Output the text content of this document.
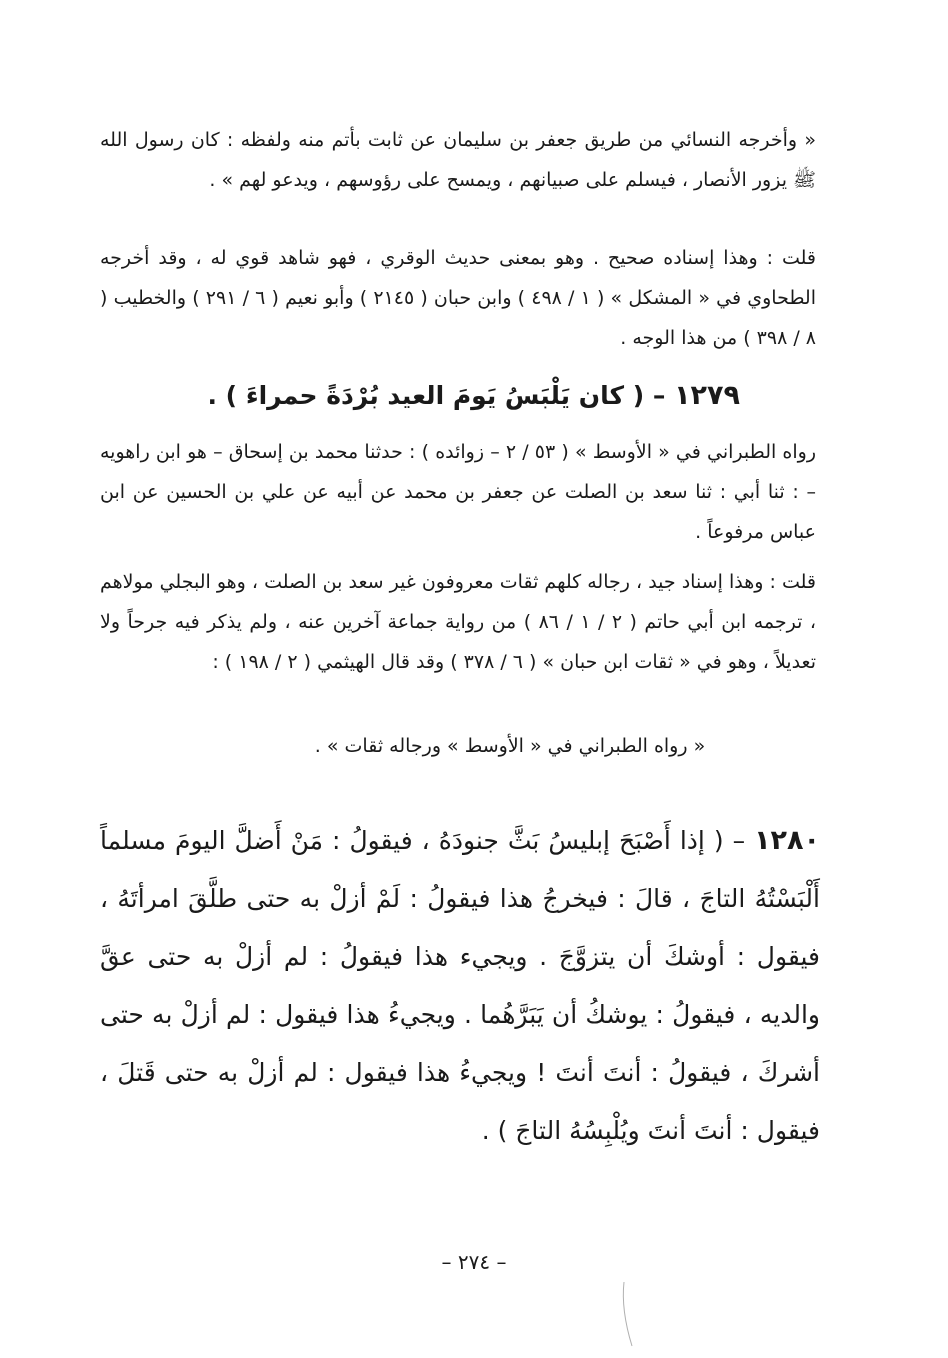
« وأخرجه النسائي من طريق جعفر بن سليمان عن ثابت بأتم منه ولفظه : كان رسول الله ﷺ يزور الأنصار ، فيسلم على صبيانهم ، ويمسح على رؤوسهم ، ويدعو لهم » .

قلت : وهذا إسناده صحيح . وهو بمعنى حديث الوقري ، فهو شاهد قوي له ، وقد أخرجه الطحاوي في « المشكل » ( ١ / ٤٩٨ ) وابن حبان ( ٢١٤٥ ) وأبو نعيم ( ٦ / ٢٩١ ) والخطيب ( ٨ / ٣٩٨ ) من هذا الوجه .

١٢٧٩ – ( كان يَلْبَسُ يَومَ العيد بُرْدَةً حمراءَ ) .

رواه الطبراني في « الأوسط » ( ٥٣ / ٢ – زوائده ) : حدثنا محمد بن إسحاق – هو ابن راهويه – : ثنا أبي : ثنا سعد بن الصلت عن جعفر بن محمد عن أبيه عن علي بن الحسين عن ابن عباس مرفوعاً .

قلت : وهذا إسناد جيد ، رجاله كلهم ثقات معروفون غير سعد بن الصلت ، وهو البجلي مولاهم ، ترجمه ابن أبي حاتم ( ٢ / ١ / ٨٦ ) من رواية جماعة آخرين عنه ، ولم يذكر فيه جرحاً ولا تعديلاً ، وهو في « ثقات ابن حبان » ( ٦ / ٣٧٨ ) وقد قال الهيثمي ( ٢ / ١٩٨ ) :

« رواه الطبراني في « الأوسط » ورجاله ثقات » .

١٢٨٠ – ( إذا أَصْبَحَ إبليسُ بَثَّ جنودَهُ ، فيقولُ : مَنْ أَضلَّ اليومَ مسلماً أَلْبَسْتُهُ التاجَ ، قالَ : فيخرجُ هذا فيقولُ : لَمْ أزلْ به حتى طلَّقَ امرأتَهُ ، فيقول : أوشكَ أن يتزوَّجَ . ويجيء هذا فيقولُ : لم أزلْ به حتى عقَّ والديه ، فيقولُ : يوشكُ أن يَبَرَّهُما . ويجيءُ هذا فيقول : لم أزلْ به حتى أشركَ ، فيقولُ : أنتَ أنتَ ! ويجيءُ هذا فيقول : لم أزلْ به حتى قَتلَ ، فيقول : أنتَ أنتَ ويُلْبِسُهُ التاجَ ) .

– ٢٧٤ –
